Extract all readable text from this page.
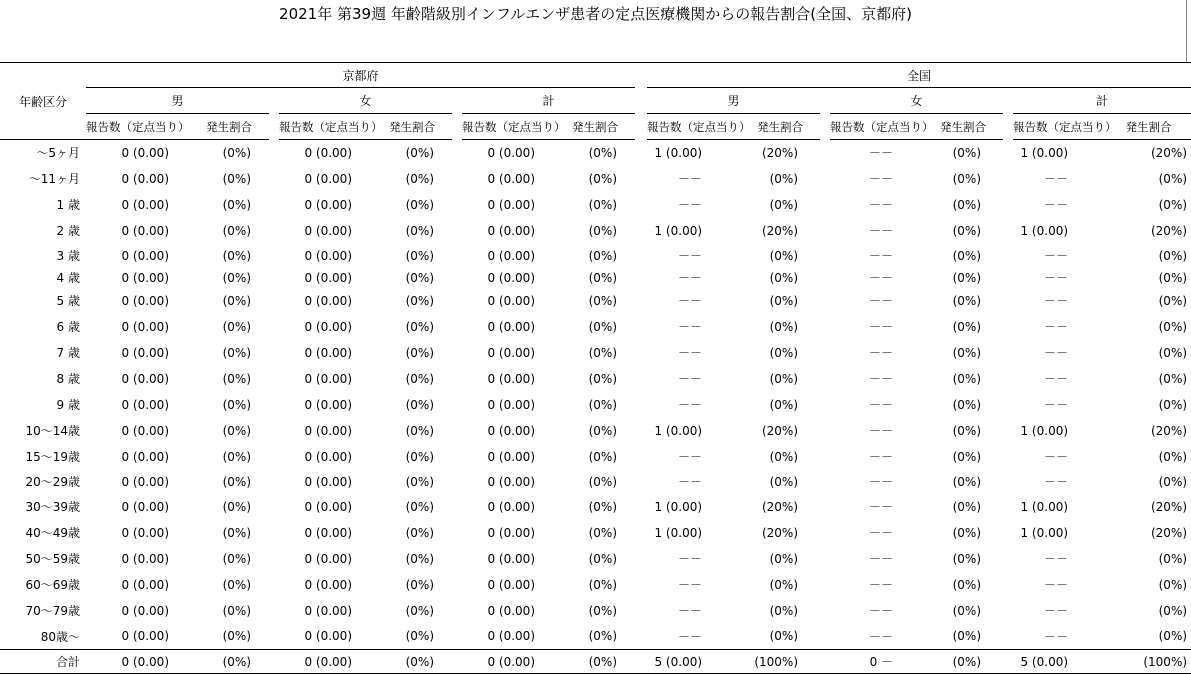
2021年 第39週 年齢階級別インフルエンザ患者の定点医療機関からの報告割合(全国、京都府)
年齢区分	京都府									全国							
	男			女			計			男			女			計	
	報告数（定点当り）	発生割合		報告数（定点当り）	発生割合		報告数（定点当り）	発生割合		報告数（定点当り）	発生割合		報告数（定点当り）	発生割合		報告数（定点当り）	発生割合
～5ヶ月	0 (0.00)	(0%)		0 (0.00)	(0%)		0 (0.00)	(0%)		1 (0.00)	(20%)		－－	(0%)		1 (0.00)	(20%)
～11ヶ月	0 (0.00)	(0%)		0 (0.00)	(0%)		0 (0.00)	(0%)		－－	(0%)		－－	(0%)		－－	(0%)
1 歳	0 (0.00)	(0%)		0 (0.00)	(0%)		0 (0.00)	(0%)		－－	(0%)		－－	(0%)		－－	(0%)
2 歳	0 (0.00)	(0%)		0 (0.00)	(0%)		0 (0.00)	(0%)		1 (0.00)	(20%)		－－	(0%)		1 (0.00)	(20%)
3 歳	0 (0.00)	(0%)		0 (0.00)	(0%)		0 (0.00)	(0%)		－－	(0%)		－－	(0%)		－－	(0%)
4 歳	0 (0.00)	(0%)		0 (0.00)	(0%)		0 (0.00)	(0%)		－－	(0%)		－－	(0%)		－－	(0%)
5 歳	0 (0.00)	(0%)		0 (0.00)	(0%)		0 (0.00)	(0%)		－－	(0%)		－－	(0%)		－－	(0%)
6 歳	0 (0.00)	(0%)		0 (0.00)	(0%)		0 (0.00)	(0%)		－－	(0%)		－－	(0%)		－－	(0%)
7 歳	0 (0.00)	(0%)		0 (0.00)	(0%)		0 (0.00)	(0%)		－－	(0%)		－－	(0%)		－－	(0%)
8 歳	0 (0.00)	(0%)		0 (0.00)	(0%)		0 (0.00)	(0%)		－－	(0%)		－－	(0%)		－－	(0%)
9 歳	0 (0.00)	(0%)		0 (0.00)	(0%)		0 (0.00)	(0%)		－－	(0%)		－－	(0%)		－－	(0%)
10～14歳	0 (0.00)	(0%)		0 (0.00)	(0%)		0 (0.00)	(0%)		1 (0.00)	(20%)		－－	(0%)		1 (0.00)	(20%)
15～19歳	0 (0.00)	(0%)		0 (0.00)	(0%)		0 (0.00)	(0%)		－－	(0%)		－－	(0%)		－－	(0%)
20～29歳	0 (0.00)	(0%)		0 (0.00)	(0%)		0 (0.00)	(0%)		－－	(0%)		－－	(0%)		－－	(0%)
30～39歳	0 (0.00)	(0%)		0 (0.00)	(0%)		0 (0.00)	(0%)		1 (0.00)	(20%)		－－	(0%)		1 (0.00)	(20%)
40～49歳	0 (0.00)	(0%)		0 (0.00)	(0%)		0 (0.00)	(0%)		1 (0.00)	(20%)		－－	(0%)		1 (0.00)	(20%)
50～59歳	0 (0.00)	(0%)		0 (0.00)	(0%)		0 (0.00)	(0%)		－－	(0%)		－－	(0%)		－－	(0%)
60～69歳	0 (0.00)	(0%)		0 (0.00)	(0%)		0 (0.00)	(0%)		－－	(0%)		－－	(0%)		－－	(0%)
70～79歳	0 (0.00)	(0%)		0 (0.00)	(0%)		0 (0.00)	(0%)		－－	(0%)		－－	(0%)		－－	(0%)
80歳～	0 (0.00)	(0%)		0 (0.00)	(0%)		0 (0.00)	(0%)		－－	(0%)		－－	(0%)		－－	(0%)
合計	0 (0.00)	(0%)		0 (0.00)	(0%)		0 (0.00)	(0%)		5 (0.00)	(100%)		0 －	(0%)		5 (0.00)	(100%)
